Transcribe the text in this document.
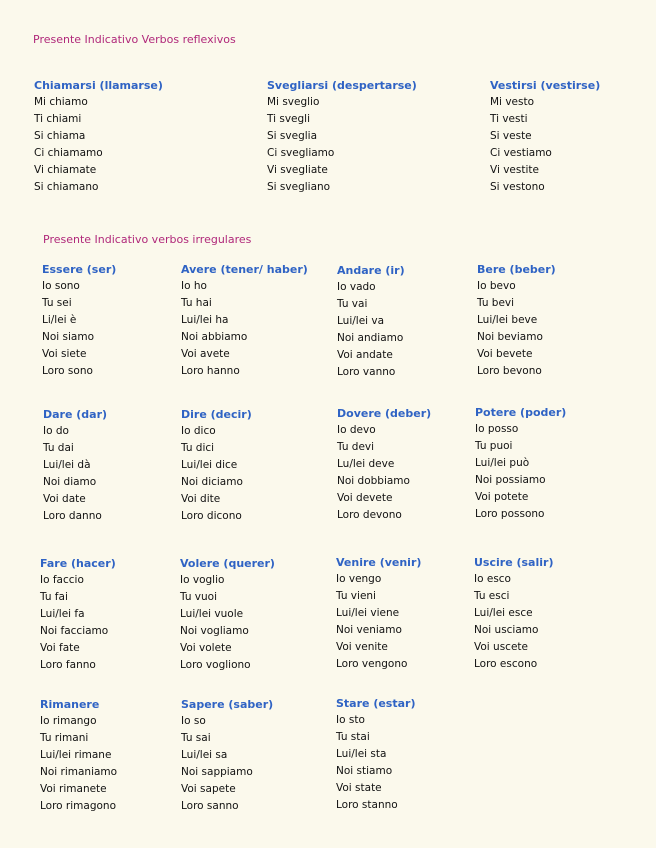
Presente Indicativo Verbos reflexivos
Presente Indicativo verbos irregulares
Chiamarsi (llamarse)
Mi chiamo
Ti chiami
Si chiama
Ci chiamamo
Vi chiamate
Si chiamano
Svegliarsi (despertarse)
Mi sveglio
Ti svegli
Si sveglia
Ci svegliamo
Vi svegliate
Si svegliano
Vestirsi (vestirse)
Mi vesto
Ti vesti
Si veste
Ci vestiamo
Vi vestite
Si vestono
Essere (ser)
Io sono
Tu sei
Li/lei è
Noi siamo
Voi siete
Loro sono
Avere (tener/ haber)
Io ho
Tu hai
Lui/lei ha
Noi abbiamo
Voi avete
Loro hanno
Andare (ir)
Io vado
Tu vai
Lui/lei va
Noi andiamo
Voi andate
Loro vanno
Bere (beber)
Io bevo
Tu bevi
Lui/lei beve
Noi beviamo
Voi bevete
Loro bevono
Dare (dar)
Io do
Tu dai
Lui/lei dà
Noi diamo
Voi date
Loro danno
Dire (decir)
Io dico
Tu dici
Lui/lei dice
Noi diciamo
Voi dite
Loro dicono
Dovere (deber)
Io devo
Tu devi
Lu/lei deve
Noi dobbiamo
Voi devete
Loro devono
Potere (poder)
Io posso
Tu puoi
Lui/lei può
Noi possiamo
Voi potete
Loro possono
Fare (hacer)
Io faccio
Tu fai
Lui/lei fa
Noi facciamo
Voi fate
Loro fanno
Volere (querer)
Io voglio
Tu vuoi
Lui/lei vuole
Noi vogliamo
Voi volete
Loro vogliono
Venire (venir)
Io vengo
Tu vieni
Lui/lei viene
Noi veniamo
Voi venite
Loro vengono
Uscire (salir)
Io esco
Tu esci
Lui/lei esce
Noi usciamo
Voi uscete
Loro escono
Rimanere
Io rimango
Tu rimani
Lui/lei rimane
Noi rimaniamo
Voi rimanete
Loro rimagono
Sapere (saber)
Io so
Tu sai
Lui/lei sa
Noi sappiamo
Voi sapete
Loro sanno
Stare (estar)
Io sto
Tu stai
Lui/lei sta
Noi stiamo
Voi state
Loro stanno
